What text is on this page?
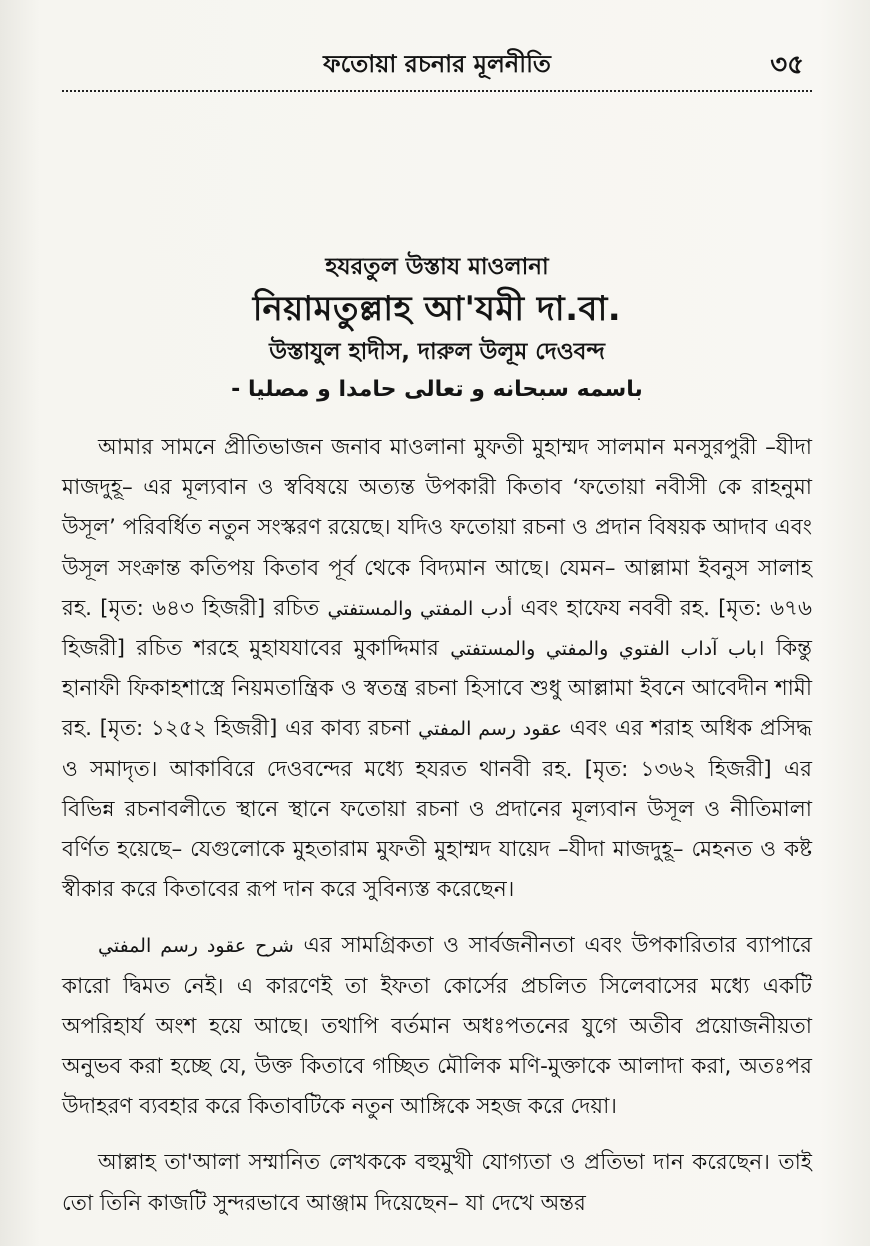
ফতোয়া রচনার মূলনীতি	৩৫
হযরতুল উস্তায মাওলানা
নিয়ামতুল্লাহ আ'যমী দা.বা.
উস্তাযুল হাদীস, দারুল উলূম দেওবন্দ
باسمه سبحانه و تعالى حامدا و مصليا -

আমার সামনে প্রীতিভাজন জনাব মাওলানা মুফতী মুহাম্মদ সালমান মনসুরপুরী –যীদা মাজদুহূ– এর মূল্যবান ও স্ববিষয়ে অত্যন্ত উপকারী কিতাব ‘ফতোয়া নবীসী কে রাহনুমা উসূল’ পরিবর্ধিত নতুন সংস্করণ রয়েছে। যদিও ফতোয়া রচনা ও প্রদান বিষয়ক আদাব এবং উসূল সংক্রান্ত কতিপয় কিতাব পূর্ব থেকে বিদ্যমান আছে। যেমন– আল্লামা ইবনুস সালাহ রহ. [মৃত: ৬৪৩ হিজরী] রচিত أدب المفتي والمستفتي এবং হাফেয নববী রহ. [মৃত: ৬৭৬ হিজরী] রচিত শরহে মুহাযযাবের মুকাদ্দিমার باب آداب الفتوي والمفتي والمستفتي। কিন্তু হানাফী ফিকাহশাস্ত্রে নিয়মতান্ত্রিক ও স্বতন্ত্র রচনা হিসাবে শুধু আল্লামা ইবনে আবেদীন শামী রহ. [মৃত: ১২৫২ হিজরী] এর কাব্য রচনা عقود رسم المفتي এবং এর শরাহ অধিক প্রসিদ্ধ ও সমাদৃত। আকাবিরে দেওবন্দের মধ্যে হযরত থানবী রহ. [মৃত: ১৩৬২ হিজরী] এর বিভিন্ন রচনাবলীতে স্থানে স্থানে ফতোয়া রচনা ও প্রদানের মূল্যবান উসূল ও নীতিমালা বর্ণিত হয়েছে– যেগুলোকে মুহতারাম মুফতী মুহাম্মদ যায়েদ –যীদা মাজদুহূ– মেহনত ও কষ্ট স্বীকার করে কিতাবের রূপ দান করে সুবিন্যস্ত করেছেন।

شرح عقود رسم المفتي এর সামগ্রিকতা ও সার্বজনীনতা এবং উপকারিতার ব্যাপারে কারো দ্বিমত নেই। এ কারণেই তা ইফতা কোর্সের প্রচলিত সিলেবাসের মধ্যে একটি অপরিহার্য অংশ হয়ে আছে। তথাপি বর্তমান অধঃপতনের যুগে অতীব প্রয়োজনীয়তা অনুভব করা হচ্ছে যে, উক্ত কিতাবে গচ্ছিত মৌলিক মণি-মুক্তাকে আলাদা করা, অতঃপর উদাহরণ ব্যবহার করে কিতাবটিকে নতুন আঙ্গিকে সহজ করে দেয়া।

আল্লাহ তা'আলা সম্মানিত লেখককে বহুমুখী যোগ্যতা ও প্রতিভা দান করেছেন। তাই তো তিনি কাজটি সুন্দরভাবে আঞ্জাম দিয়েছেন– যা দেখে অন্তর
